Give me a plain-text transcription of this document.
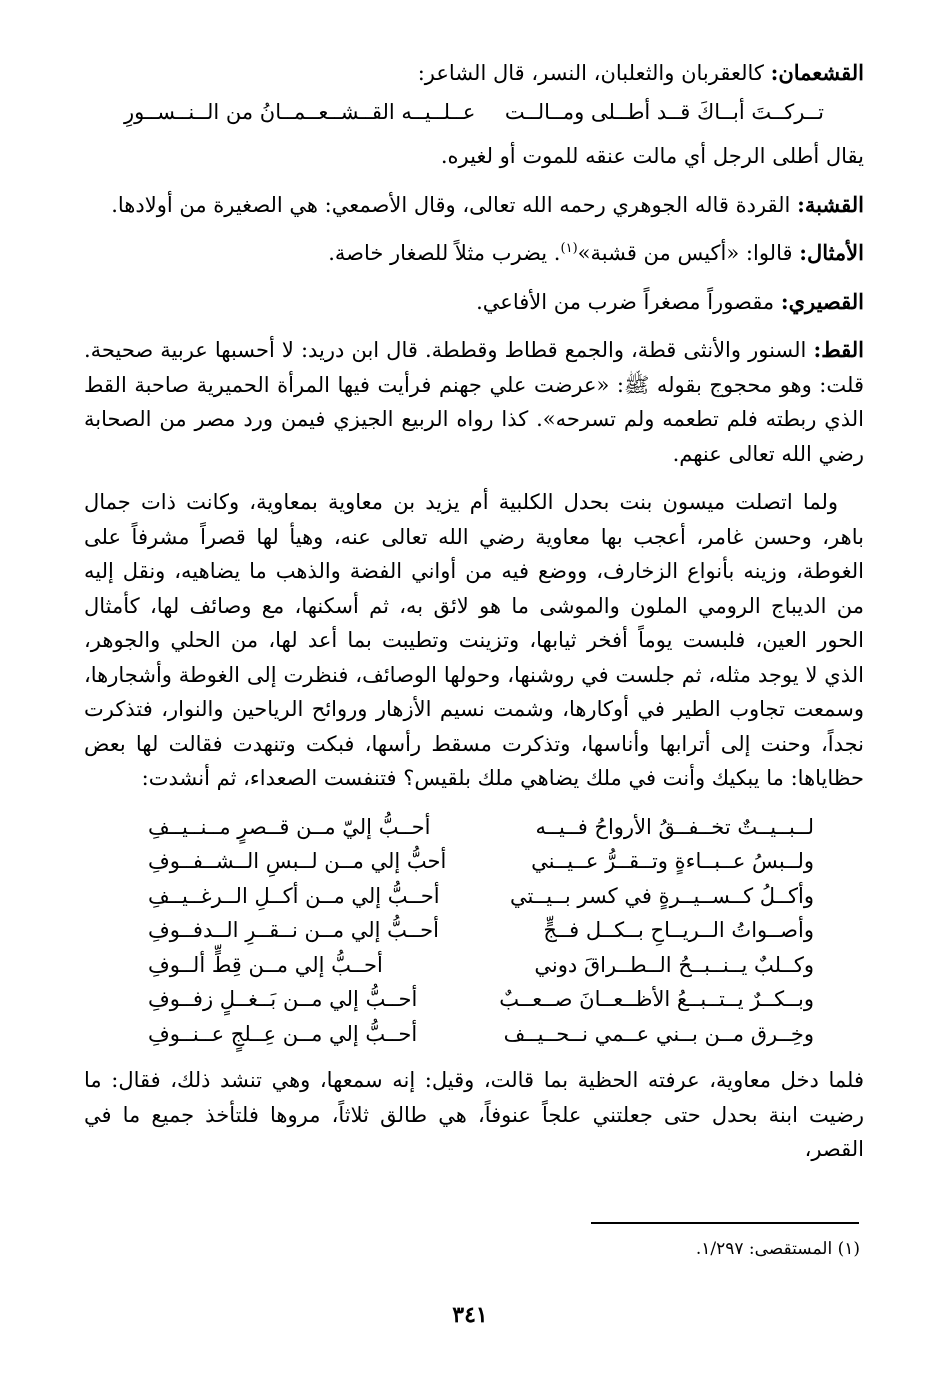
القشعمان: كالعقربان والثعلبان، النسر، قال الشاعر:

تــركــتَ أبــاكَ قــد أطــلى ومــالــت
عــلــيــه القــشــعــمــانُ من الــنــســورِ

يقال أطلى الرجل أي مالت عنقه للموت أو لغيره.

القشبة: القردة قاله الجوهري رحمه الله تعالى، وقال الأصمعي: هي الصغيرة من أولادها.

الأمثال: قالوا: «أكيس من قشبة»$^{(١)}$. يضرب مثلاً للصغار خاصة.

القصيري: مقصوراً مصغراً ضرب من الأفاعي.

القط: السنور والأنثى قطة، والجمع قطاط وقططة. قال ابن دريد: لا أحسبها عربية صحيحة. قلت: وهو محجوج بقوله ﷺ: «عرضت علي جهنم فرأيت فيها المرأة الحميرية صاحبة القط الذي ربطته فلم تطعمه ولم تسرحه». كذا رواه الربيع الجيزي فيمن ورد مصر من الصحابة رضي الله تعالى عنهم.

ولما اتصلت ميسون بنت بحدل الكلبية أم يزيد بن معاوية بمعاوية، وكانت ذات جمال باهر، وحسن غامر، أعجب بها معاوية رضي الله تعالى عنه، وهيأ لها قصراً مشرفاً على الغوطة، وزينه بأنواع الزخارف، ووضع فيه من أواني الفضة والذهب ما يضاهيه، ونقل إليه من الديباج الرومي الملون والموشى ما هو لائق به، ثم أسكنها، مع وصائف لها، كأمثال الحور العين، فلبست يوماً أفخر ثيابها، وتزينت وتطيبت بما أعد لها، من الحلي والجوهر، الذي لا يوجد مثله، ثم جلست في روشنها، وحولها الوصائف، فنظرت إلى الغوطة وأشجارها، وسمعت تجاوب الطير في أوكارها، وشمت نسيم الأزهار وروائح الرياحين والنوار، فتذكرت نجداً، وحنت إلى أترابها وأناسها، وتذكرت مسقط رأسها، فبكت وتنهدت فقالت لها بعض حظاياها: ما يبكيك وأنت في ملك يضاهي ملك بلقيس؟ فتنفست الصعداء، ثم أنشدت:

لــبــيــتٌ تخــفــقُ الأرواحُ فــيــه
أحــبُّ إليّ مــن قــصرٍ مــنــيــفِ
ولــبسُ عــبــاءةٍ وتــقــرُّ عــيــني
أحبُّ إلي مــن لــبسِ الــشــفــوفِ
وأكــلُ كــســيــرةٍ في كسر بــيــتي
أحــبُّ إلي مــن أكــلِ الــرغــيــفِ
وأصــواتُ الــريــاحِ بــكــل فــجٍّ
أحــبُّ إلي مــن نــقــرِ الــدفــوفِ
وكــلبٌ يــنــبــحُ الــطــراقَ دوني
أحــبُّ إلي مــن قِطٍّ ألــوفِ
وبــكــرٌ يــتــبــعُ الأظــعــانَ صــعــبٌ
أحــبُّ إلي مــن بَــغــلٍ زفــوفِ
وخِــرق مــن بــني عــمي نــحــيــف
أحــبُّ إلي مــن عِــلجٍ عــنــوفِ

فلما دخل معاوية، عرفته الحظية بما قالت، وقيل: إنه سمعها، وهي تنشد ذلك، فقال: ما رضيت ابنة بحدل حتى جعلتني علجاً عنوفاً، هي طالق ثلاثاً، مروها فلتأخذ جميع ما في القصر،

(١) المستقصى: ١/٢٩٧.
٣٤١
